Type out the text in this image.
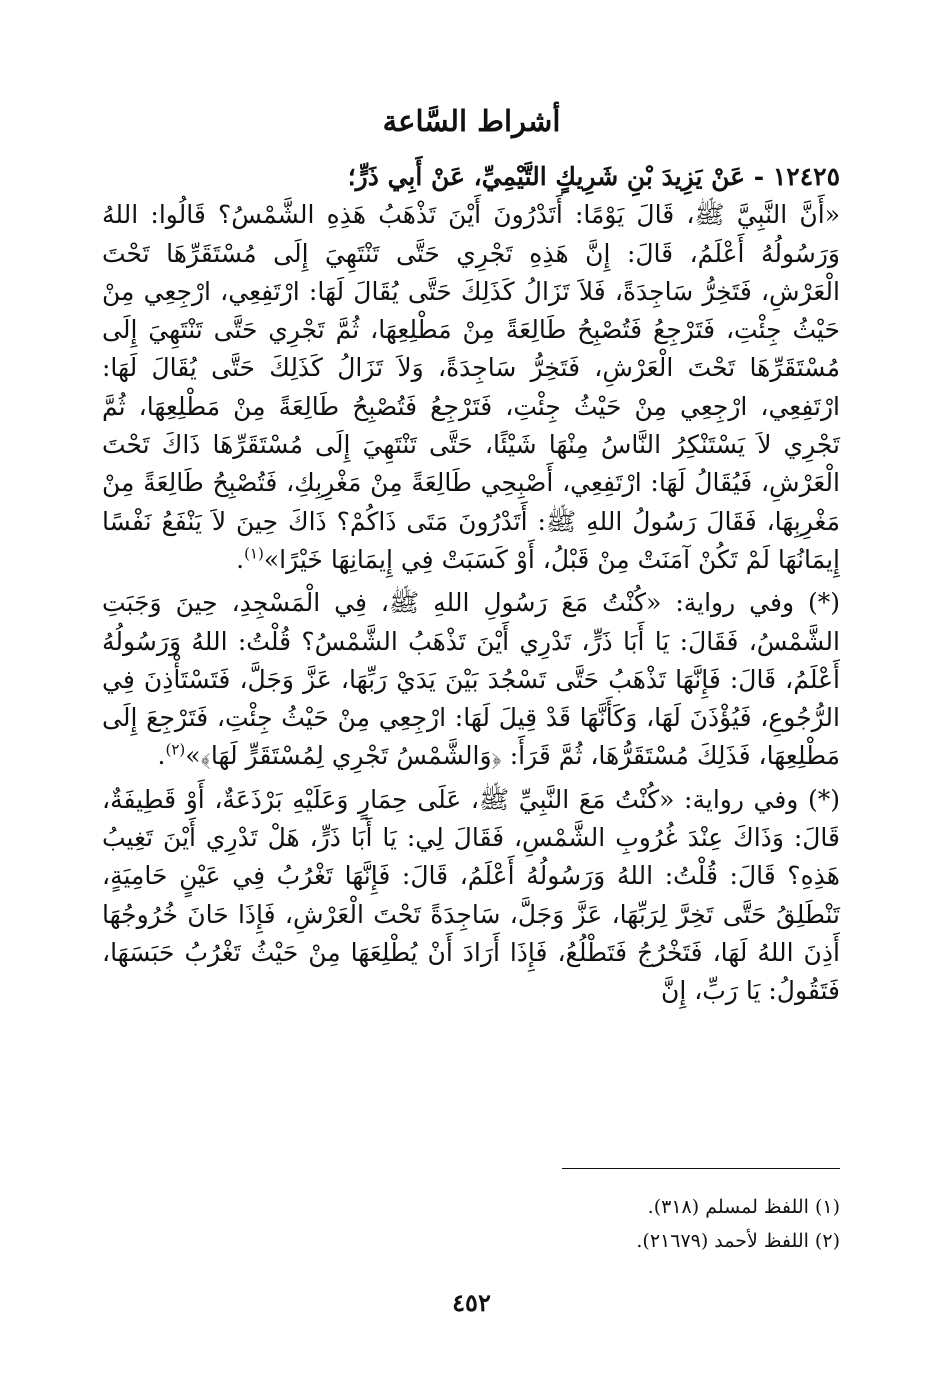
أشراط السَّاعة

١٢٤٢٥ - عَنْ يَزِيدَ بْنِ شَرِيكٍ التَّيْمِيِّ، عَنْ أَبِي ذَرٍّ؛
«أَنَّ النَّبِيَّ ﷺ، قَالَ يَوْمًا: أَتَدْرُونَ أَيْنَ تَذْهَبُ هَذِهِ الشَّمْسُ؟ قَالُوا: اللهُ وَرَسُولُهُ أَعْلَمُ، قَالَ: إِنَّ هَذِهِ تَجْرِي حَتَّى تَنْتَهِيَ إِلَى مُسْتَقَرِّهَا تَحْتَ الْعَرْشِ، فَتَخِرُّ سَاجِدَةً، فَلاَ تَزَالُ كَذَلِكَ حَتَّى يُقَالَ لَهَا: ارْتَفِعِي، ارْجِعِي مِنْ حَيْثُ جِئْتِ، فَتَرْجِعُ فَتُصْبِحُ طَالِعَةً مِنْ مَطْلِعِهَا، ثُمَّ تَجْرِي حَتَّى تَنْتَهِيَ إِلَى مُسْتَقَرِّهَا تَحْتَ الْعَرْشِ، فَتَخِرُّ سَاجِدَةً، وَلاَ تَزَالُ كَذَلِكَ حَتَّى يُقَالَ لَهَا: ارْتَفِعِي، ارْجِعِي مِنْ حَيْثُ جِئْتِ، فَتَرْجِعُ فَتُصْبِحُ طَالِعَةً مِنْ مَطْلِعِهَا، ثُمَّ تَجْرِي لاَ يَسْتَنْكِرُ النَّاسُ مِنْهَا شَيْئًا، حَتَّى تَنْتَهِيَ إِلَى مُسْتَقَرِّهَا ذَاكَ تَحْتَ الْعَرْشِ، فَيُقَالُ لَهَا: ارْتَفِعِي، أَصْبِحِي طَالِعَةً مِنْ مَغْرِبِكِ، فَتُصْبِحُ طَالِعَةً مِنْ مَغْرِبِهَا، فَقَالَ رَسُولُ اللهِ ﷺ: أَتَدْرُونَ مَتَى ذَاكُمْ؟ ذَاكَ حِينَ لاَ يَنْفَعُ نَفْسًا إِيمَانُهَا لَمْ تَكُنْ آمَنَتْ مِنْ قَبْلُ، أَوْ كَسَبَتْ فِي إِيمَانِهَا خَيْرًا»$^{(١)}$.

(*) وفي رواية: «كُنْتُ مَعَ رَسُولِ اللهِ ﷺ، فِي الْمَسْجِدِ، حِينَ وَجَبَتِ الشَّمْسُ، فَقَالَ: يَا أَبَا ذَرٍّ، تَدْرِي أَيْنَ تَذْهَبُ الشَّمْسُ؟ قُلْتُ: اللهُ وَرَسُولُهُ أَعْلَمُ، قَالَ: فَإِنَّهَا تَذْهَبُ حَتَّى تَسْجُدَ بَيْنَ يَدَيْ رَبِّهَا، عَزَّ وَجَلَّ، فَتَسْتَأْذِنَ فِي الرُّجُوعِ، فَيُؤْذَنَ لَهَا، وَكَأَنَّهَا قَدْ قِيلَ لَهَا: ارْجِعِي مِنْ حَيْثُ جِئْتِ، فَتَرْجِعَ إِلَى مَطْلِعِهَا، فَذَلِكَ مُسْتَقَرُّهَا، ثُمَّ قَرَأَ: ﴿وَالشَّمْسُ تَجْرِي لِمُسْتَقَرٍّ لَهَا﴾»$^{(٢)}$.

(*) وفي رواية: «كُنْتُ مَعَ النَّبِيِّ ﷺ، عَلَى حِمَارٍ وَعَلَيْهِ بَرْذَعَةٌ، أَوْ قَطِيفَةٌ، قَالَ: وَذَاكَ عِنْدَ غُرُوبِ الشَّمْسِ، فَقَالَ لِي: يَا أَبَا ذَرٍّ، هَلْ تَدْرِي أَيْنَ تَغِيبُ هَذِهِ؟ قَالَ: قُلْتُ: اللهُ وَرَسُولُهُ أَعْلَمُ، قَالَ: فَإِنَّهَا تَغْرُبُ فِي عَيْنٍ حَامِيَةٍ، تَنْطَلِقُ حَتَّى تَخِرَّ لِرَبِّهَا، عَزَّ وَجَلَّ، سَاجِدَةً تَحْتَ الْعَرْشِ، فَإِذَا حَانَ خُرُوجُهَا أَذِنَ اللهُ لَهَا، فَتَخْرُجُ فَتَطْلُعُ، فَإِذَا أَرَادَ أَنْ يُطْلِعَهَا مِنْ حَيْثُ تَغْرُبُ حَبَسَهَا، فَتَقُولُ: يَا رَبِّ، إِنَّ

(١) اللفظ لمسلم (٣١٨).
(٢) اللفظ لأحمد (٢١٦٧٩).
٤٥٢
